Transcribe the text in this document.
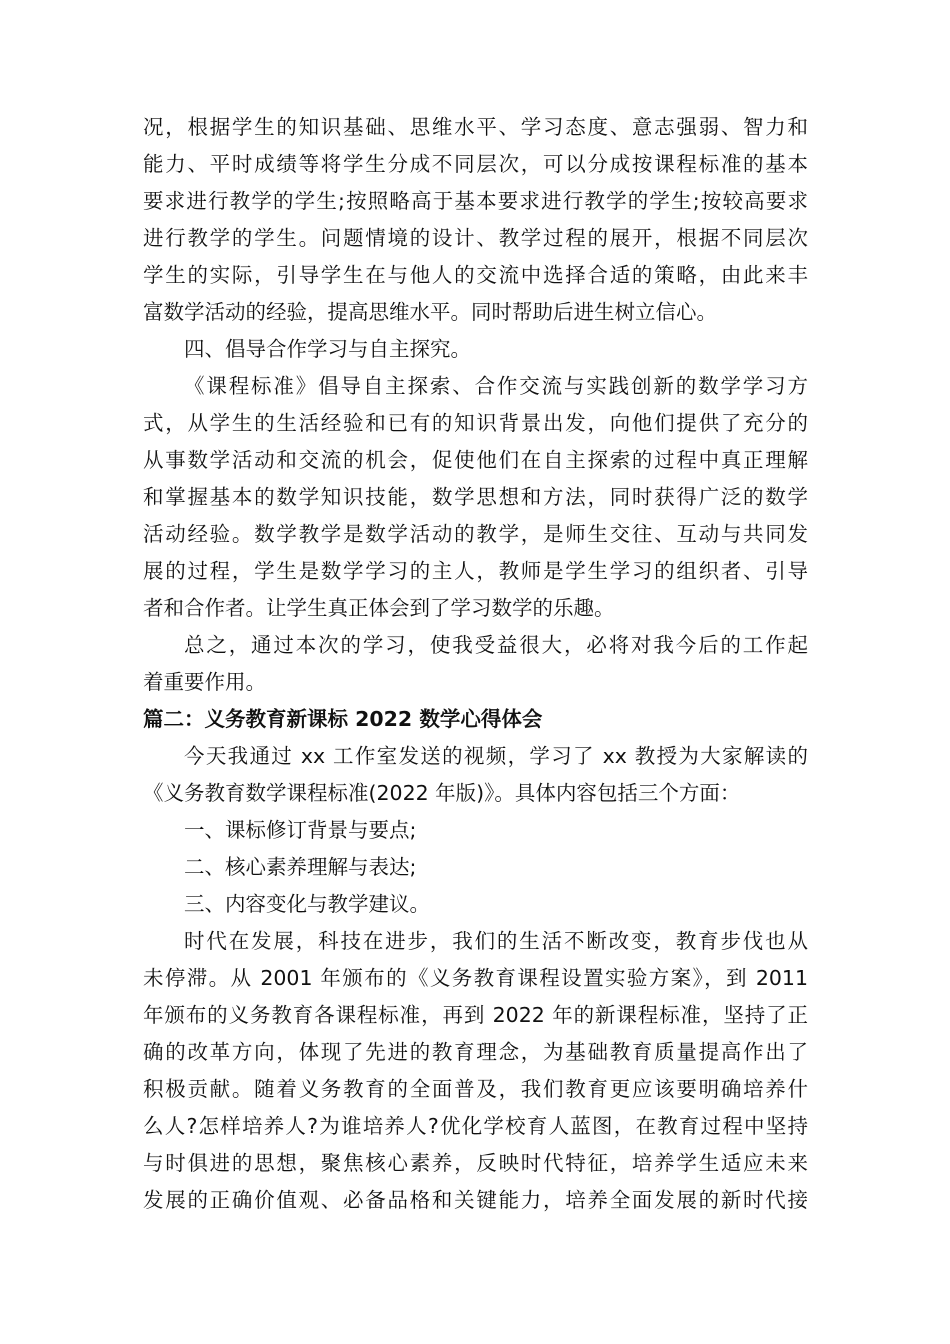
况，根据学生的知识基础、思维水平、学习态度、意志强弱、智力和
能力、平时成绩等将学生分成不同层次，可以分成按课程标准的基本
要求进行教学的学生;按照略高于基本要求进行教学的学生;按较高要求
进行教学的学生。问题情境的设计、教学过程的展开，根据不同层次
学生的实际，引导学生在与他人的交流中选择合适的策略，由此来丰
富数学活动的经验，提高思维水平。同时帮助后进生树立信心。
四、倡导合作学习与自主探究。
《课程标准》倡导自主探索、合作交流与实践创新的数学学习方
式，从学生的生活经验和已有的知识背景出发，向他们提供了充分的
从事数学活动和交流的机会，促使他们在自主探索的过程中真正理解
和掌握基本的数学知识技能，数学思想和方法，同时获得广泛的数学
活动经验。数学教学是数学活动的教学，是师生交往、互动与共同发
展的过程，学生是数学学习的主人，教师是学生学习的组织者、引导
者和合作者。让学生真正体会到了学习数学的乐趣。
总之，通过本次的学习，使我受益很大，必将对我今后的工作起
着重要作用。
篇二：义务教育新课标 2022 数学心得体会
今天我通过 xx 工作室发送的视频，学习了 xx 教授为大家解读的
《义务教育数学课程标准(2022 年版)》。具体内容包括三个方面：
一、课标修订背景与要点;
二、核心素养理解与表达;
三、内容变化与教学建议。
时代在发展，科技在进步，我们的生活不断改变，教育步伐也从
未停滞。从 2001 年颁布的《义务教育课程设置实验方案》，到 2011
年颁布的义务教育各课程标准，再到 2022 年的新课程标准，坚持了正
确的改革方向，体现了先进的教育理念，为基础教育质量提高作出了
积极贡献。随着义务教育的全面普及，我们教育更应该要明确培养什
么人?怎样培养人?为谁培养人?优化学校育人蓝图，在教育过程中坚持
与时俱进的思想，聚焦核心素养，反映时代特征，培养学生适应未来
发展的正确价值观、必备品格和关键能力，培养全面发展的新时代接
